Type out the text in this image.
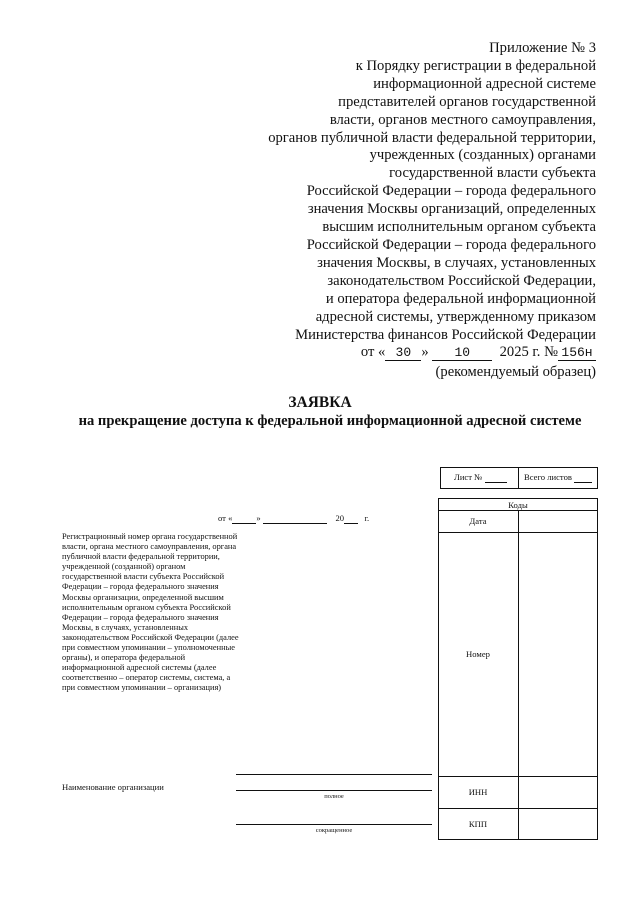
Приложение № 3
к Порядку регистрации в федеральной
информационной адресной системе
представителей органов государственной
власти, органов местного самоуправления,
органов публичной власти федеральной территории,
учрежденных (созданных) органами
государственной власти субъекта
Российской Федерации – города федерального
значения Москвы организаций, определенных
высшим исполнительным органом субъекта
Российской Федерации – города федерального
значения Москвы, в случаях, установленных
законодательством Российской Федерации,
и оператора федеральной информационной
адресной системы, утвержденному приказом
Министерства финансов Российской Федерации
от « 30 » 10 2025 г. № 156н
(рекомендуемый образец)
ЗАЯВКА
на прекращение доступа к федеральной информационной адресной системе
Лист №	Всего листов
от «	»	20 г.
Коды
Дата
Номер
ИНН
КПП
Регистрационный номер органа государственной власти, органа местного самоуправления, органа публичной власти федеральной территории, учрежденной (созданной) органом государственной власти субъекта Российской Федерации – города федерального значения Москвы организации, определенной высшим исполнительным органом субъекта Российской Федерации – города федерального значения Москвы, в случаях, установленных законодательством Российской Федерации (далее при совместном упоминании – уполномоченные органы), и оператора федеральной информационной адресной системы (далее соответственно – оператор системы, система, а при совместном упоминании – организация)
Наименование организации
полное
сокращенное
